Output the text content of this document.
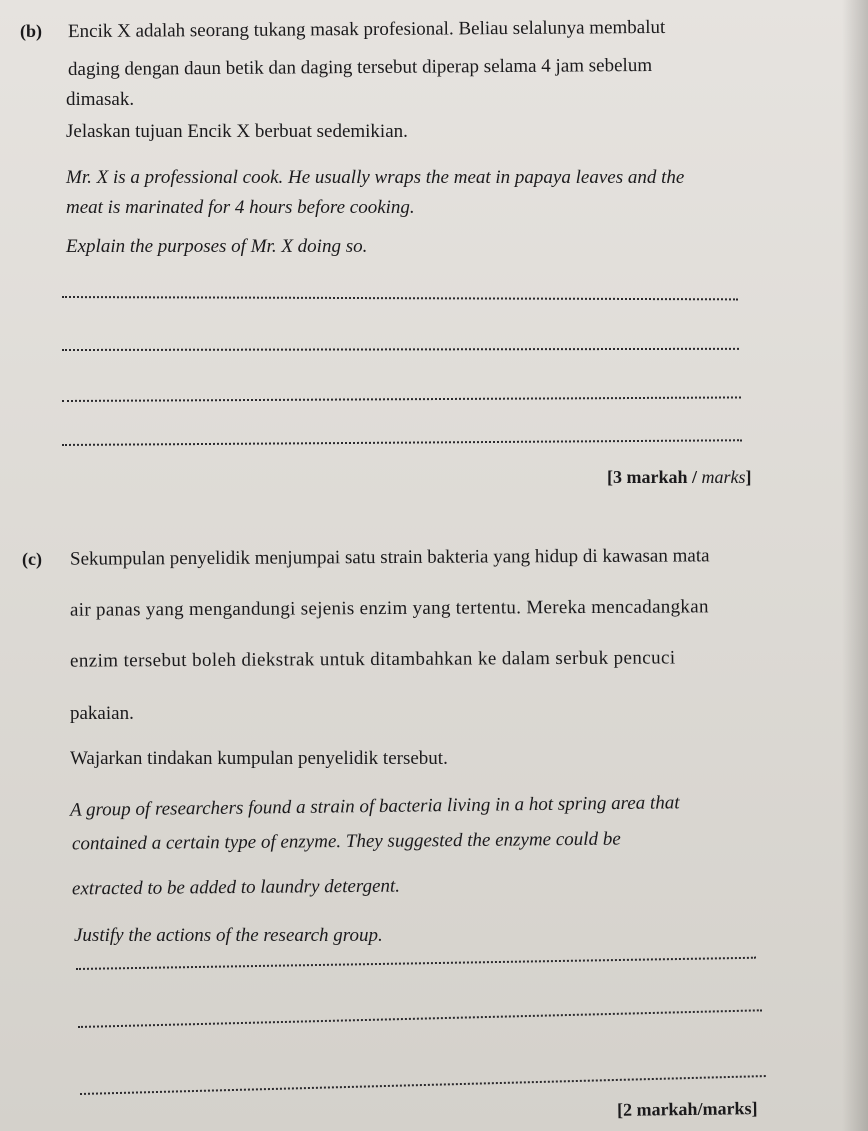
(b) Encik X adalah seorang tukang masak profesional. Beliau selalunya membalut
daging dengan daun betik dan daging tersebut diperap selama 4 jam sebelum
dimasak.
Jelaskan tujuan Encik X berbuat sedemikian.
Mr. X is a professional cook. He usually wraps the meat in papaya leaves and the
meat is marinated for 4 hours before cooking.
Explain the purposes of Mr. X doing so.
[3 markah / marks]
(c) Sekumpulan penyelidik menjumpai satu strain bakteria yang hidup di kawasan mata
air panas yang mengandungi sejenis enzim yang tertentu. Mereka mencadangkan
enzim tersebut boleh diekstrak untuk ditambahkan ke dalam serbuk pencuci
pakaian.
Wajarkan tindakan kumpulan penyelidik tersebut.
A group of researchers found a strain of bacteria living in a hot spring area that
contained a certain type of enzyme. They suggested the enzyme could be
extracted to be added to laundry detergent.
Justify the actions of the research group.
[2 markah/marks]
